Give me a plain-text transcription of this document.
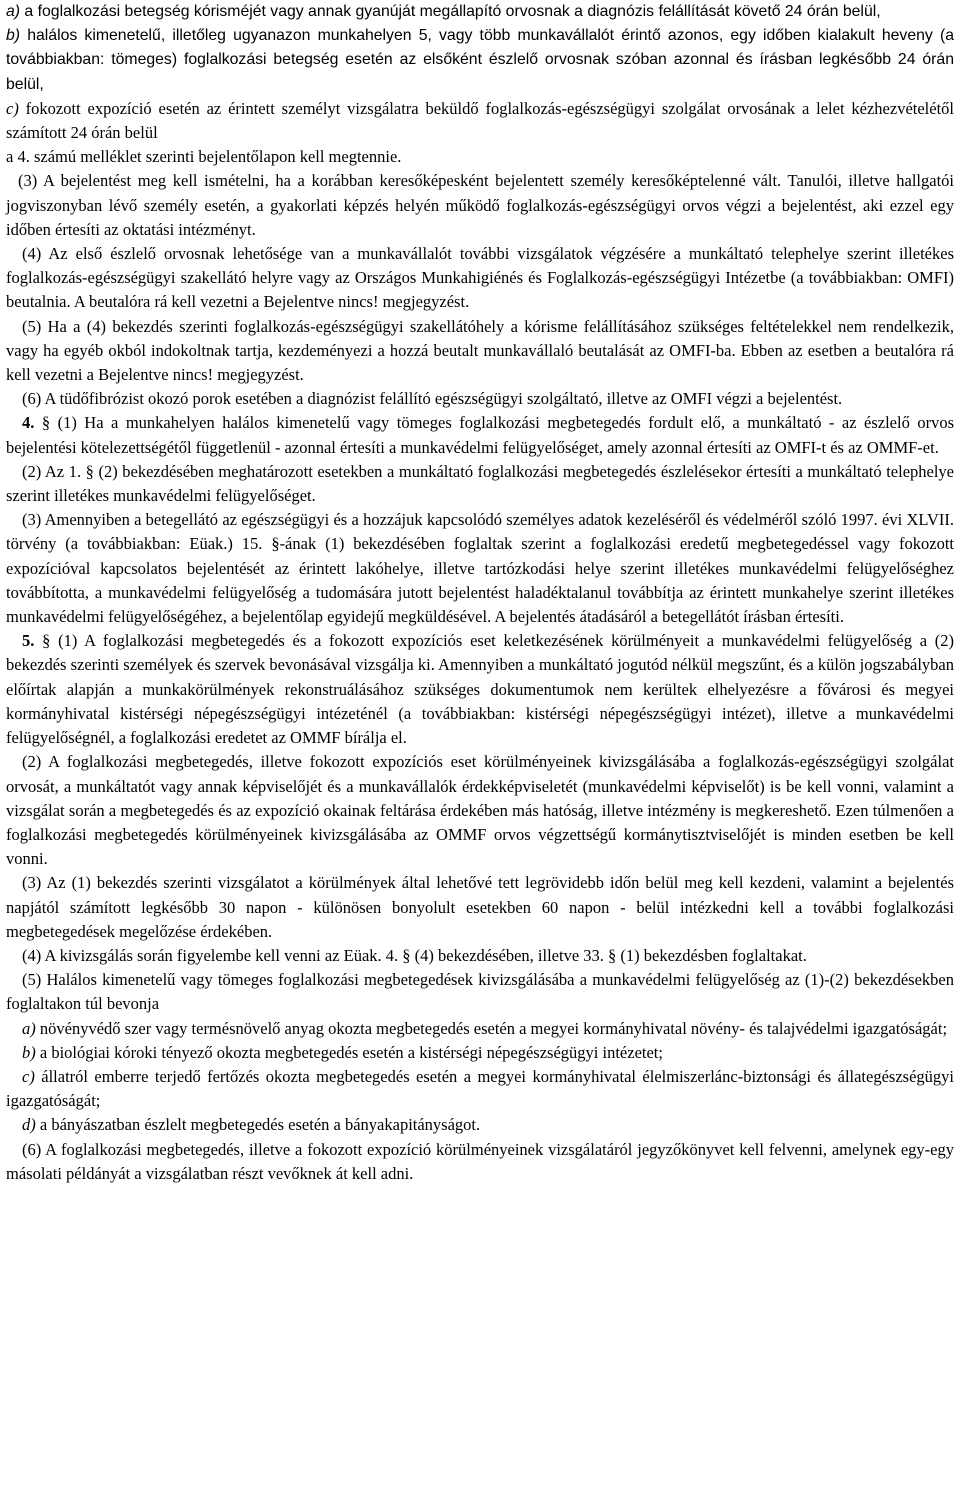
a) a foglalkozási betegség kórisméjét vagy annak gyanúját megállapító orvosnak a diagnózis felállítását követő 24 órán belül,

b) halálos kimenetelű, illetőleg ugyanazon munkahelyen 5, vagy több munkavállalót érintő azonos, egy időben kialakult heveny (a továbbiakban: tömeges) foglalkozási betegség esetén az elsőként észlelő orvosnak szóban azonnal és írásban legkésőbb 24 órán belül,

c) fokozott expozíció esetén az érintett személyt vizsgálatra beküldő foglalkozás-egészségügyi szolgálat orvosának a lelet kézhezvételétől számított 24 órán belül

a 4. számú melléklet szerinti bejelentőlapon kell megtennie.

(3) A bejelentést meg kell ismételni, ha a korábban keresőképesként bejelentett személy keresőképtelenné vált. Tanulói, illetve hallgatói jogviszonyban lévő személy esetén, a gyakorlati képzés helyén működő foglalkozás-egészségügyi orvos végzi a bejelentést, aki ezzel egy időben értesíti az oktatási intézményt.

(4) Az első észlelő orvosnak lehetősége van a munkavállalót további vizsgálatok végzésére a munkáltató telephelye szerint illetékes foglalkozás-egészségügyi szakellátó helyre vagy az Országos Munkahigiénés és Foglalkozás-egészségügyi Intézetbe (a továbbiakban: OMFI) beutalnia. A beutalóra rá kell vezetni a Bejelentve nincs! megjegyzést.

(5) Ha a (4) bekezdés szerinti foglalkozás-egészségügyi szakellátóhely a kórisme felállításához szükséges feltételekkel nem rendelkezik, vagy ha egyéb okból indokoltnak tartja, kezdeményezi a hozzá beutalt munkavállaló beutalását az OMFI-ba. Ebben az esetben a beutalóra rá kell vezetni a Bejelentve nincs! megjegyzést.

(6) A tüdőfibrózist okozó porok esetében a diagnózist felállító egészségügyi szolgáltató, illetve az OMFI végzi a bejelentést.

4. § (1) Ha a munkahelyen halálos kimenetelű vagy tömeges foglalkozási megbetegedés fordult elő, a munkáltató - az észlelő orvos bejelentési kötelezettségétől függetlenül - azonnal értesíti a munkavédelmi felügyelőséget, amely azonnal értesíti az OMFI-t és az OMMF-et.

(2) Az 1. § (2) bekezdésében meghatározott esetekben a munkáltató foglalkozási megbetegedés észlelésekor értesíti a munkáltató telephelye szerint illetékes munkavédelmi felügyelőséget.

(3) Amennyiben a betegellátó az egészségügyi és a hozzájuk kapcsolódó személyes adatok kezeléséről és védelméről szóló 1997. évi XLVII. törvény (a továbbiakban: Eüak.) 15. §-ának (1) bekezdésében foglaltak szerint a foglalkozási eredetű megbetegedéssel vagy fokozott expozícióval kapcsolatos bejelentését az érintett lakóhelye, illetve tartózkodási helye szerint illetékes munkavédelmi felügyelőséghez továbbította, a munkavédelmi felügyelőség a tudomására jutott bejelentést haladéktalanul továbbítja az érintett munkahelye szerint illetékes munkavédelmi felügyelőségéhez, a bejelentőlap egyidejű megküldésével. A bejelentés átadásáról a betegellátót írásban értesíti.

5. § (1) A foglalkozási megbetegedés és a fokozott expozíciós eset keletkezésének körülményeit a munkavédelmi felügyelőség a (2) bekezdés szerinti személyek és szervek bevonásával vizsgálja ki. Amennyiben a munkáltató jogutód nélkül megszűnt, és a külön jogszabályban előírtak alapján a munkakörülmények rekonstruálásához szükséges dokumentumok nem kerültek elhelyezésre a fővárosi és megyei kormányhivatal kistérségi népegészségügyi intézeténél (a továbbiakban: kistérségi népegészségügyi intézet), illetve a munkavédelmi felügyelőségnél, a foglalkozási eredetet az OMMF bírálja el.

(2) A foglalkozási megbetegedés, illetve fokozott expozíciós eset körülményeinek kivizsgálásába a foglalkozás-egészségügyi szolgálat orvosát, a munkáltatót vagy annak képviselőjét és a munkavállalók érdekképviseletét (munkavédelmi képviselőt) is be kell vonni, valamint a vizsgálat során a megbetegedés és az expozíció okainak feltárása érdekében más hatóság, illetve intézmény is megkereshető. Ezen túlmenően a foglalkozási megbetegedés körülményeinek kivizsgálásába az OMMF orvos végzettségű kormánytisztviselőjét is minden esetben be kell vonni.

(3) Az (1) bekezdés szerinti vizsgálatot a körülmények által lehetővé tett legrövidebb időn belül meg kell kezdeni, valamint a bejelentés napjától számított legkésőbb 30 napon - különösen bonyolult esetekben 60 napon - belül intézkedni kell a további foglalkozási megbetegedések megelőzése érdekében.

(4) A kivizsgálás során figyelembe kell venni az Eüak. 4. § (4) bekezdésében, illetve 33. § (1) bekezdésben foglaltakat.

(5) Halálos kimenetelű vagy tömeges foglalkozási megbetegedések kivizsgálásába a munkavédelmi felügyelőség az (1)-(2) bekezdésekben foglaltakon túl bevonja

a) növényvédő szer vagy termésnövelő anyag okozta megbetegedés esetén a megyei kormányhivatal növény- és talajvédelmi igazgatóságát;

b) a biológiai kóroki tényező okozta megbetegedés esetén a kistérségi népegészségügyi intézetet;

c) állatról emberre terjedő fertőzés okozta megbetegedés esetén a megyei kormányhivatal élelmiszerlánc-biztonsági és állategészségügyi igazgatóságát;

d) a bányászatban észlelt megbetegedés esetén a bányakapitányságot.

(6) A foglalkozási megbetegedés, illetve a fokozott expozíció körülményeinek vizsgálatáról jegyzőkönyvet kell felvenni, amelynek egy-egy másolati példányát a vizsgálatban részt vevőknek át kell adni.
